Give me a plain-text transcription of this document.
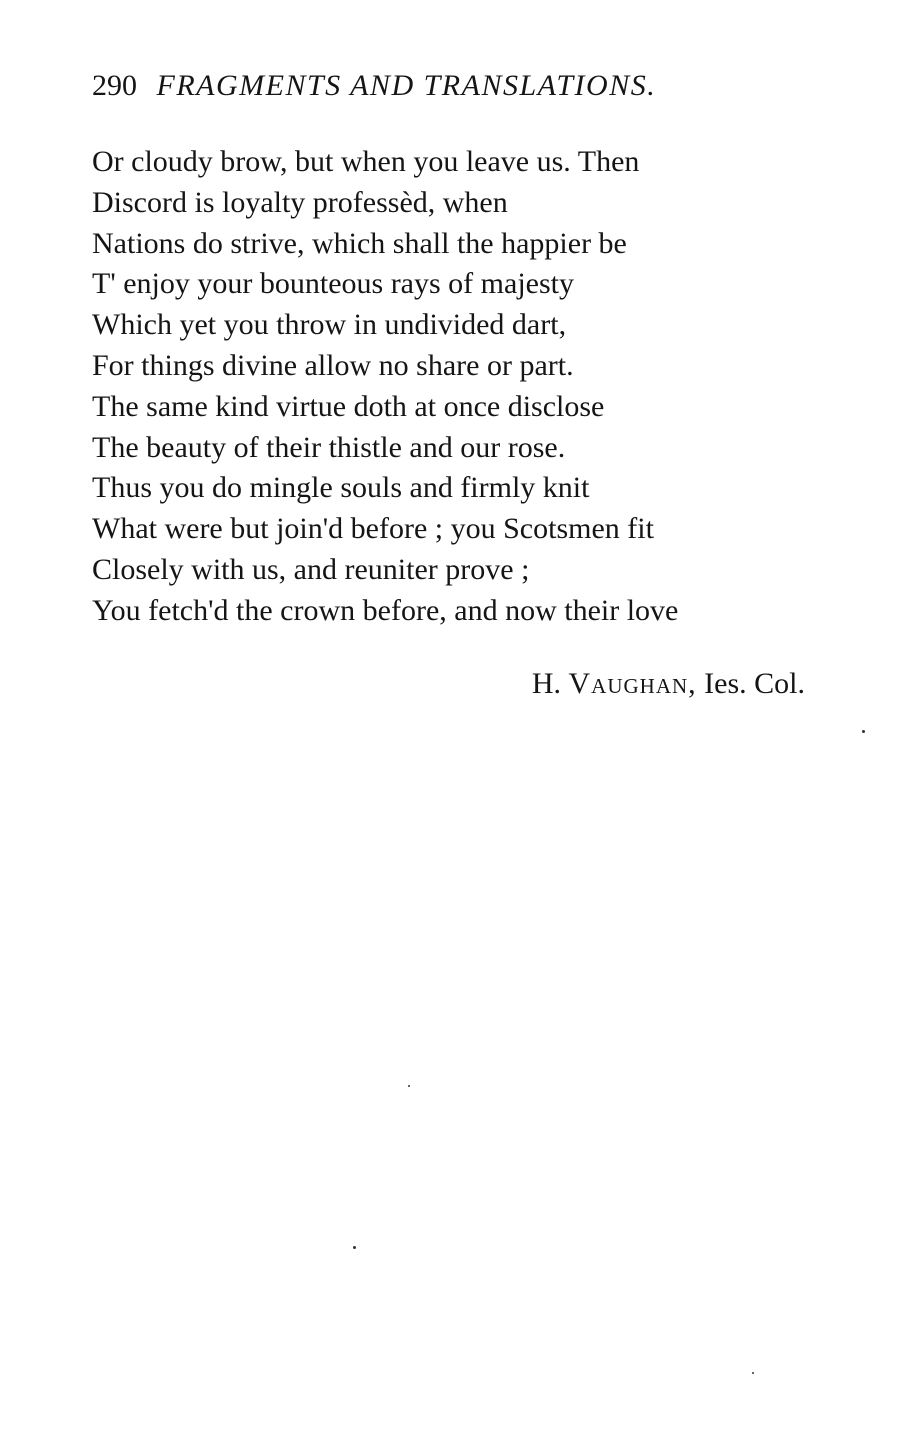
290 FRAGMENTS AND TRANSLATIONS.
Or cloudy brow, but when you leave us. Then
Discord is loyalty professèd, when
Nations do strive, which shall the happier be
T' enjoy your bounteous rays of majesty
Which yet you throw in undivided dart,
For things divine allow no share or part.
The same kind virtue doth at once disclose
The beauty of their thistle and our rose.
Thus you do mingle souls and firmly knit
What were but join'd before ; you Scotsmen fit
Closely with us, and reuniter prove ;
You fetch'd the crown before, and now their love
H. Vaughan, Ies. Col.
